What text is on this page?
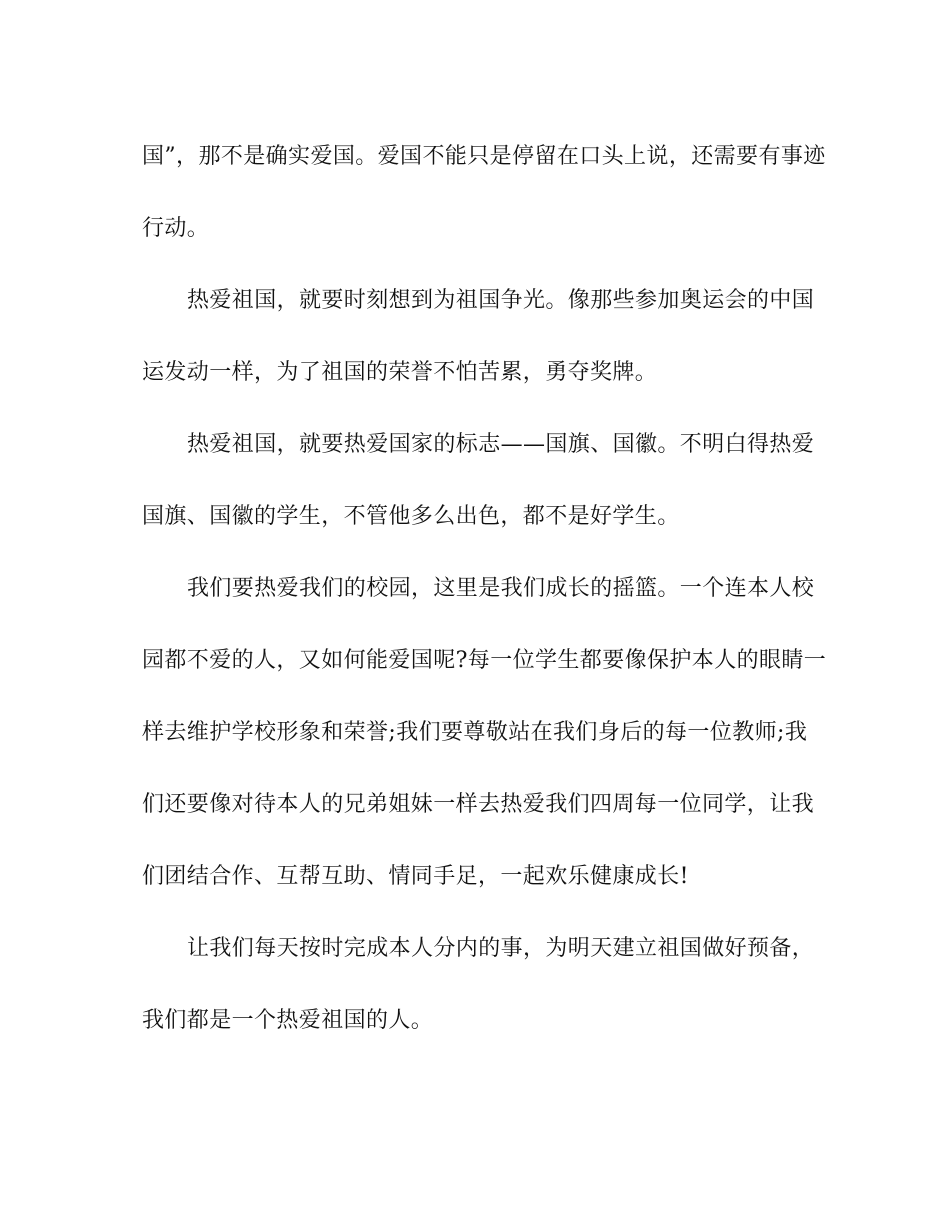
国”，那不是确实爱国。爱国不能只是停留在口头上说，还需要有事迹
行动。
热爱祖国，就要时刻想到为祖国争光。像那些参加奥运会的中国
运发动一样，为了祖国的荣誉不怕苦累，勇夺奖牌。
热爱祖国，就要热爱国家的标志——国旗、国徽。不明白得热爱
国旗、国徽的学生，不管他多么出色，都不是好学生。
我们要热爱我们的校园，这里是我们成长的摇篮。一个连本人校
园都不爱的人，又如何能爱国呢?每一位学生都要像保护本人的眼睛一
样去维护学校形象和荣誉;我们要尊敬站在我们身后的每一位教师;我
们还要像对待本人的兄弟姐妹一样去热爱我们四周每一位同学，让我
们团结合作、互帮互助、情同手足，一起欢乐健康成长!
让我们每天按时完成本人分内的事，为明天建立祖国做好预备，
我们都是一个热爱祖国的人。
